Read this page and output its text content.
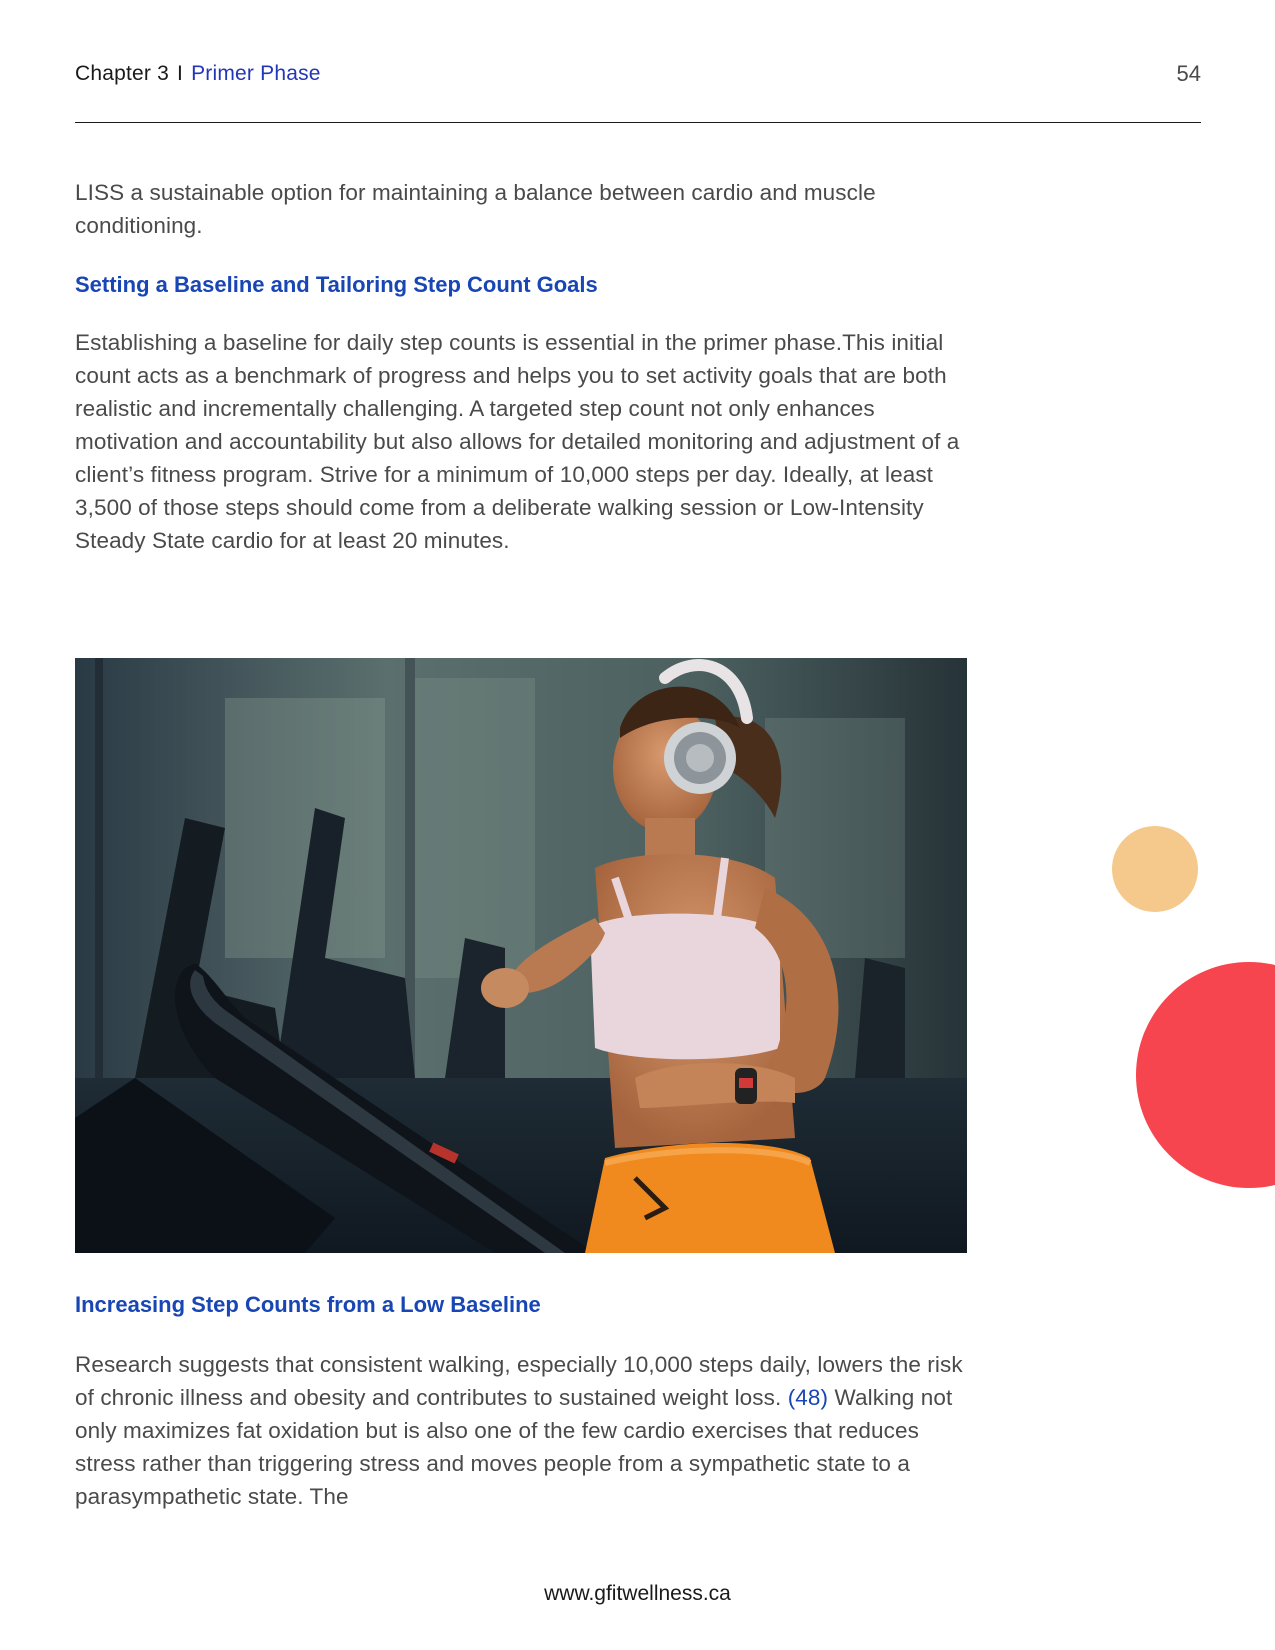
Chapter 3 I Primer Phase	54

LISS a sustainable option for maintaining a balance between cardio and muscle conditioning.

Setting a Baseline and Tailoring Step Count Goals

Establishing a baseline for daily step counts is essential in the primer phase.This initial count acts as a benchmark of progress and helps you to set activity goals that are both realistic and incrementally challenging. A targeted step count not only enhances motivation and accountability but also allows for detailed monitoring and adjustment of a client’s fitness program. Strive for a minimum of 10,000 steps per day. Ideally, at least 3,500 of those steps should come from a deliberate walking session or Low-Intensity Steady State cardio for at least 20 minutes.

Increasing Step Counts from a Low Baseline

Research suggests that consistent walking, especially 10,000 steps daily, lowers the risk of chronic illness and obesity and contributes to sustained weight loss. (48) Walking not only maximizes fat oxidation but is also one of the few cardio exercises that reduces stress rather than triggering stress and moves people from a sympathetic state to a parasympathetic state. The

www.gfitwellness.ca
